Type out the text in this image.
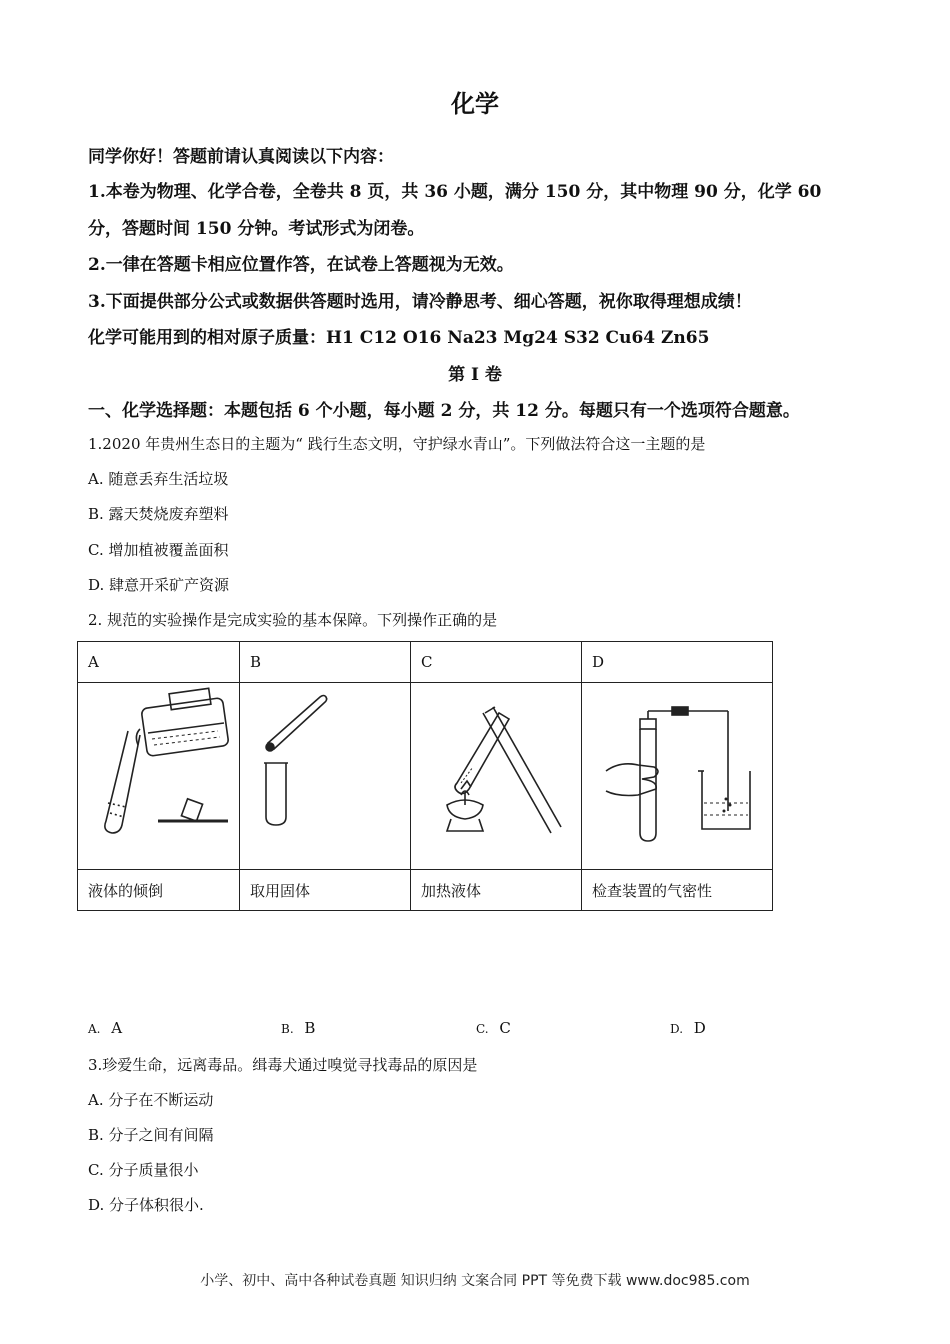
化学
同学你好！答题前请认真阅读以下内容：
1.本卷为物理、化学合卷，全卷共 8 页，共 36 小题，满分 150 分，其中物理 90 分，化学 60
分，答题时间 150 分钟。考试形式为闭卷。
2.一律在答题卡相应位置作答，在试卷上答题视为无效。
3.下面提供部分公式或数据供答题时选用，请冷静思考、细心答题，祝你取得理想成绩！
化学可能用到的相对原子质量：H1 C12 O16 Na23 Mg24 S32 Cu64 Zn65
第 Ⅰ 卷
一、化学选择题：本题包括 6 个小题，每小题 2 分，共 12 分。每题只有一个选项符合题意。
1.2020 年贵州生态日的主题为“ 践行生态文明，守护绿水青山”。下列做法符合这一主题的是
A. 随意丢弃生活垃圾
B. 露天焚烧废弃塑料
C. 增加植被覆盖面积
D. 肆意开采矿产资源
2. 规范的实验操作是完成实验的基本保障。下列操作正确的是
A	B	C	D

液体的倾倒	取用固体	加热液体	检查装置的气密性
A. A	B. B	C. C	D. D
3.珍爱生命，远离毒品。缉毒犬通过嗅觉寻找毒品的原因是
A. 分子在不断运动
B. 分子之间有间隔
C. 分子质量很小
D. 分子体积很小.
小学、初中、高中各种试卷真题 知识归纳 文案合同 PPT 等免费下载 www.doc985.com
